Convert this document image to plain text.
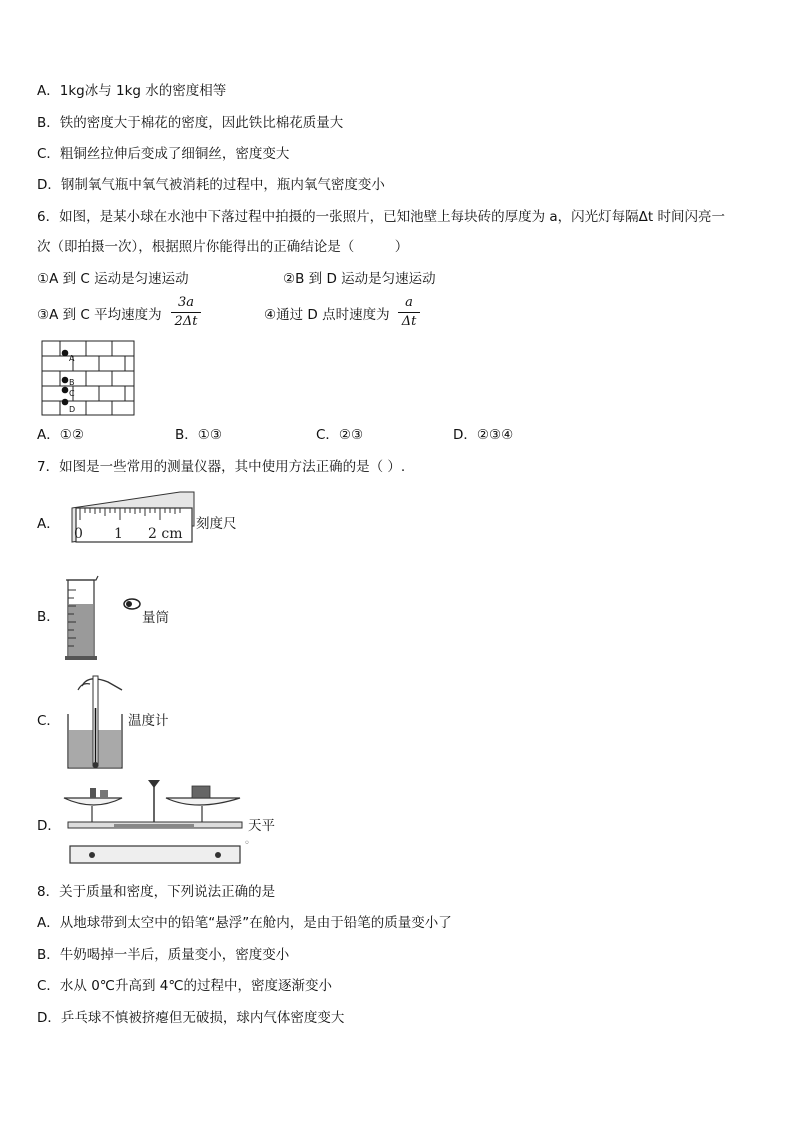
A．1kg冰与 1kg 水的密度相等
B．铁的密度大于棉花的密度，因此铁比棉花质量大
C．粗铜丝拉伸后变成了细铜丝，密度变大
D．钢制氧气瓶中氧气被消耗的过程中，瓶内氧气密度变小
6．如图，是某小球在水池中下落过程中拍摄的一张照片，已知池壁上每块砖的厚度为 a，闪光灯每隔Δt 时间闪亮一
次（即拍摄一次），根据照片你能得出的正确结论是（　　　）
①A 到 C 运动是匀速运动	②B 到 D 运动是匀速运动
③A 到 C 平均速度为
3a
2Δt	④通过 D 点时速度为
a
Δt
A
B
C
D
A．①②	B．①③	C．②③	D．②③④
7．如图是一些常用的测量仪器，其中使用方法正确的是（ ）.
A．
0 1 2 cm
刻度尺
B．	量筒
C．	温度计
D．	天平
◦
8．关于质量和密度，下列说法正确的是
A．从地球带到太空中的铅笔“悬浮”在舱内，是由于铅笔的质量变小了
B．牛奶喝掉一半后，质量变小，密度变小
C．水从 0℃升高到 4℃的过程中，密度逐渐变小
D．乒乓球不慎被挤瘪但无破损，球内气体密度变大
